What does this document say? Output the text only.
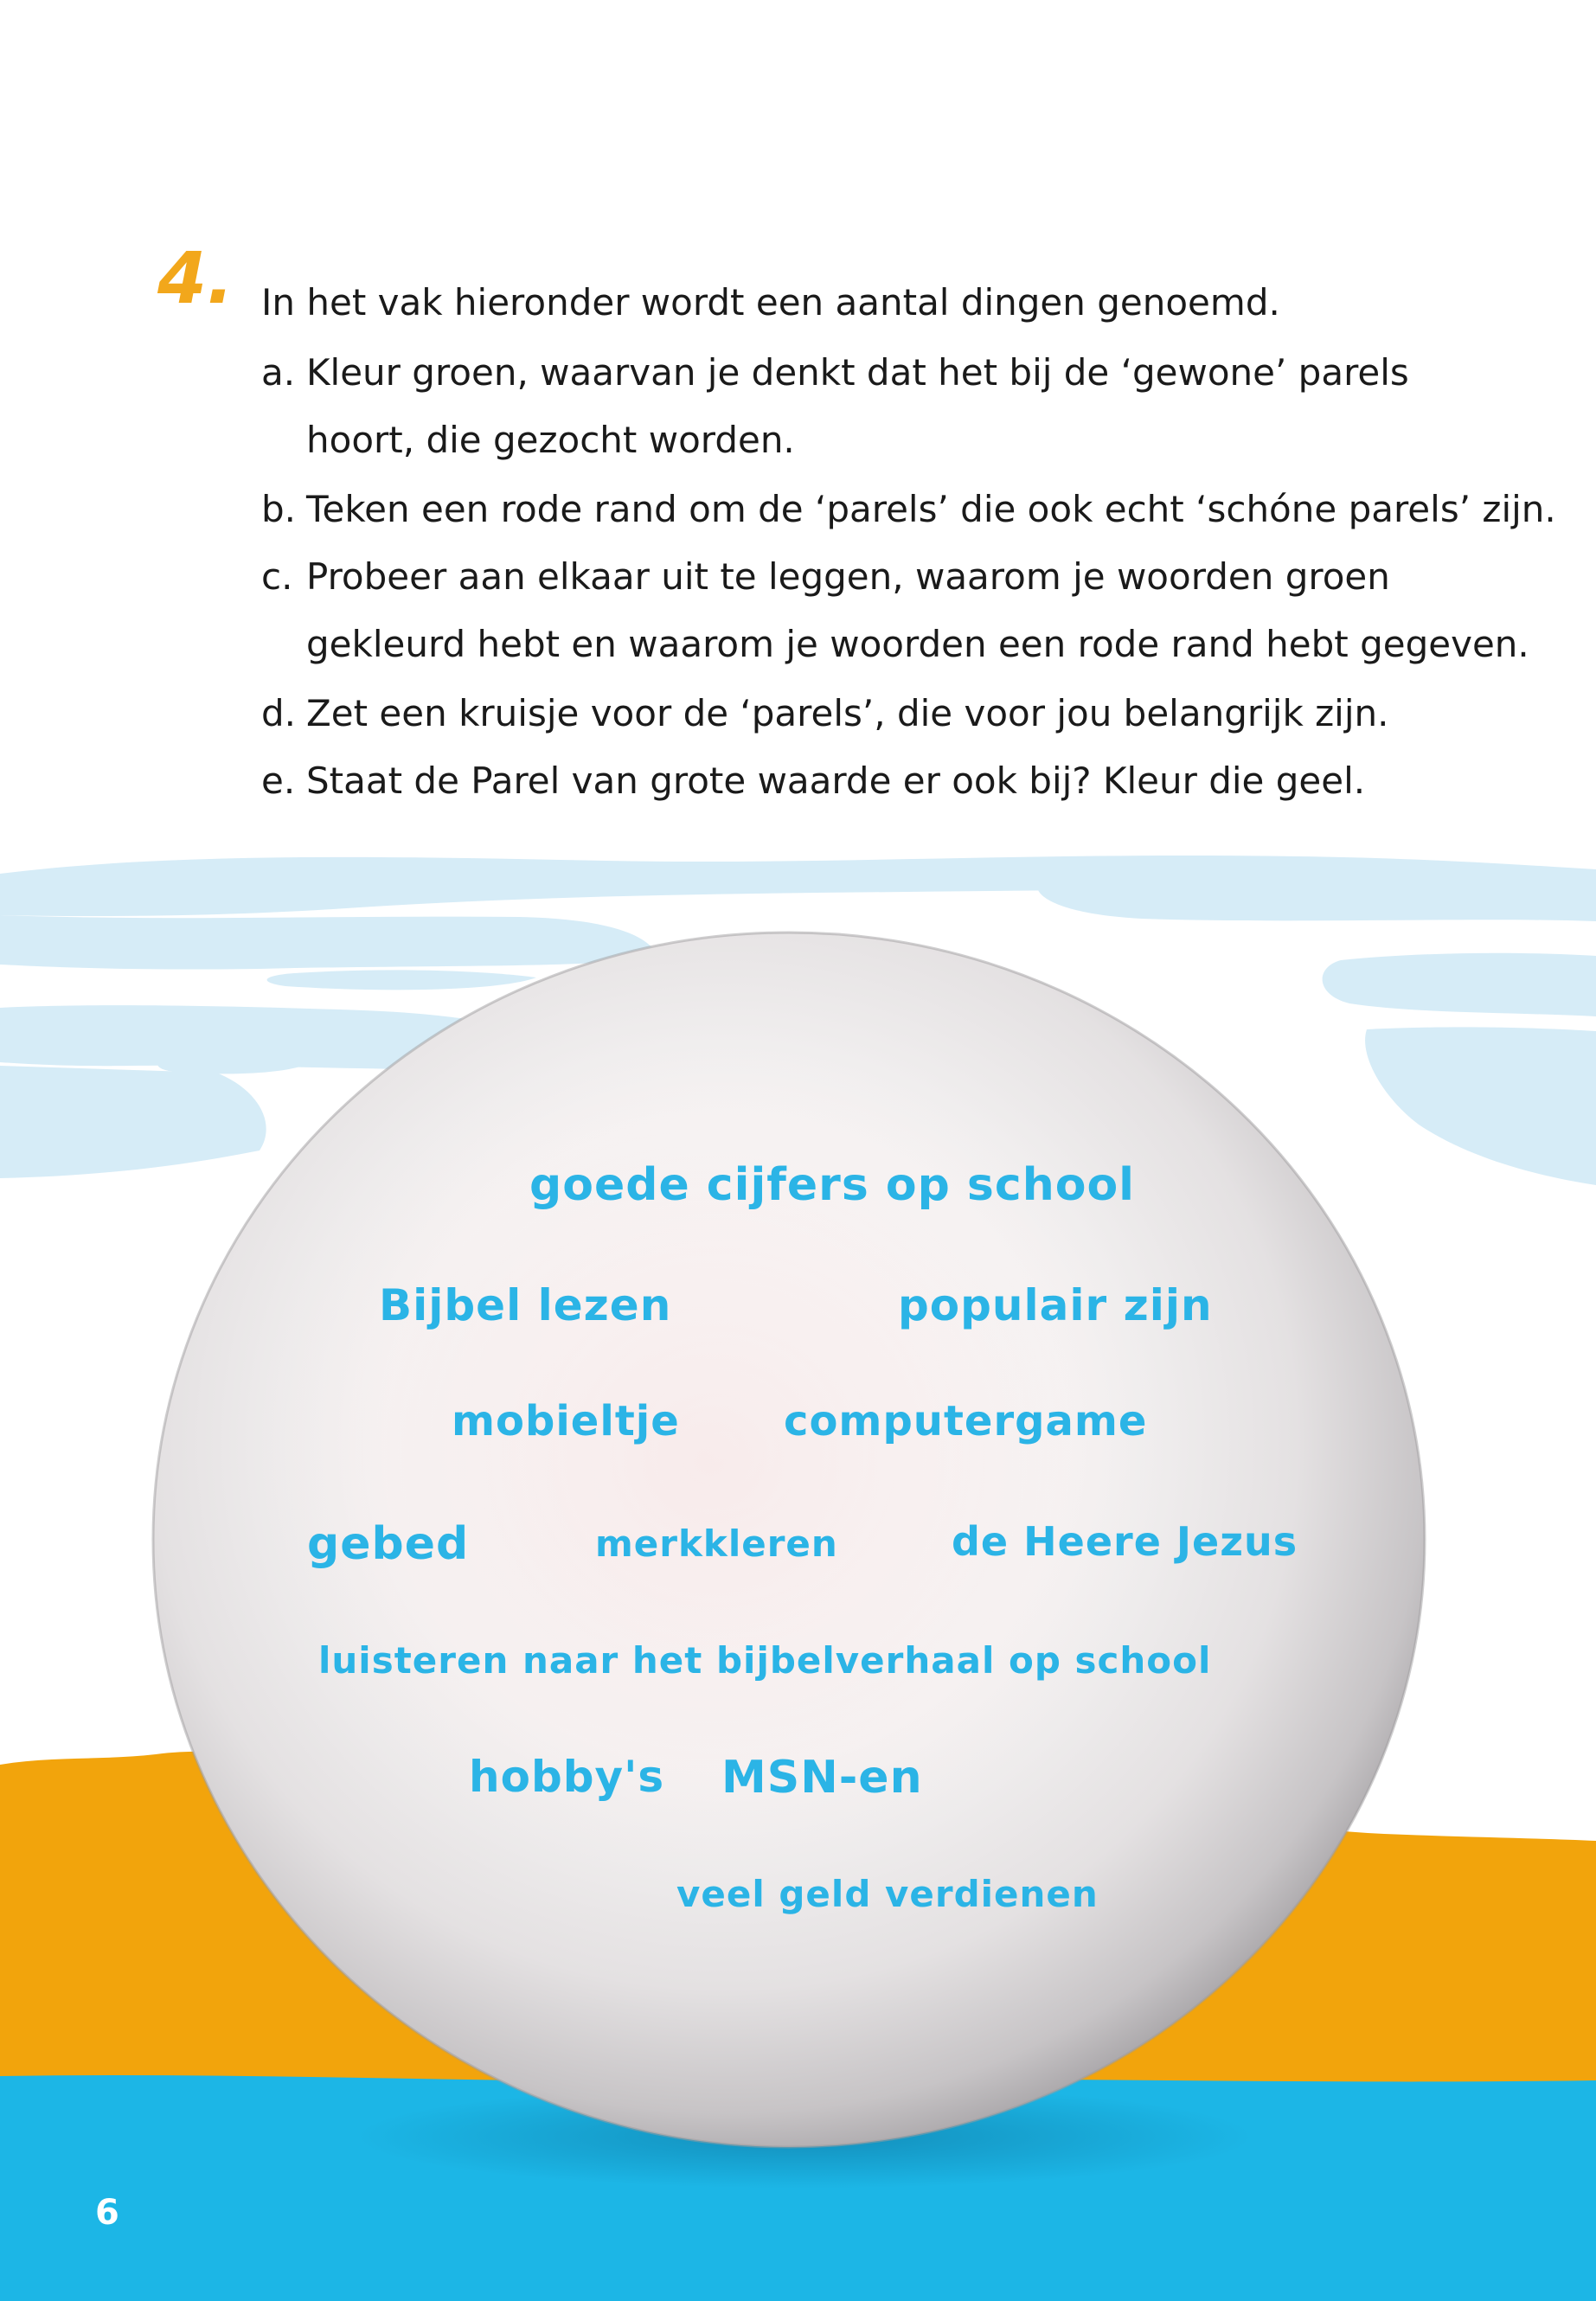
4. In het vak hieronder wordt een aantal dingen genoemd.
a. Kleur groen, waarvan je denkt dat het bij de ‘gewone’ parels
hoort, die gezocht worden.
b. Teken een rode rand om de ‘parels’ die ook echt ‘schóne parels’ zijn.
c. Probeer aan elkaar uit te leggen, waarom je woorden groen
gekleurd hebt en waarom je woorden een rode rand hebt gegeven.
d. Zet een kruisje voor de ‘parels’, die voor jou belangrijk zijn.
e. Staat de Parel van grote waarde er ook bij? Kleur die geel.
goede cijfers op school
Bijbel lezen	populair zijn
mobieltje	computergame
gebed	merkkleren	de Heere Jezus
luisteren naar het bijbelverhaal op school
hobby's MSN-en
veel geld verdienen
6
